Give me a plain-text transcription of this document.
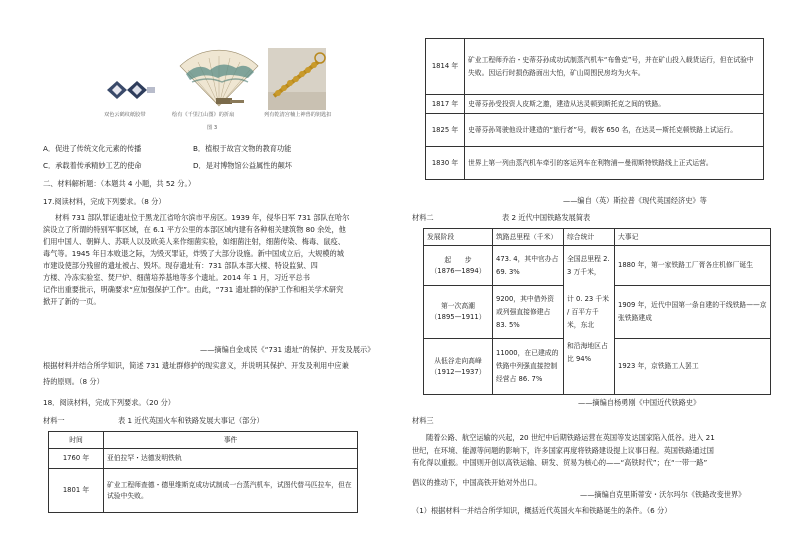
双色云鹤纹纸胶带	绘有《千里江山图》的折扇	列有乾清宫楠上神兽的钥匙扣
图 3
A．促进了传统文化元素的传播	B．植根于故宫文物的教育功能
C．承载着传承精妙工艺的使命	D．是对博物馆公益属性的颠坏
二、材料解析题：（本题共 4 小题，共 52 分。）
17.阅读材料，完成下列要求。（8 分）
材料 731 部队罪证遗址位于黑龙江省哈尔滨市平房区。1939 年，侵华日军 731 部队在哈尔
滨设立了所谓的特别军事区域，在 6.1 平方公里的本部区域内建有各种相关建筑物 80 余处，他
们用中国人、朝鲜人、苏联人以及欧美人来作细菌实验，如细菌注射，细菌传染、梅毒、鼠疫、
毒气等。1945 年日本败退之际，为毁灭罪证，炸毁了大部分设施。新中国成立后，大规模的城
市建设使部分残留的遗址被占、毁坏。现存遗址有：731 部队本部大楼、特设监狱、四
方楼、冷冻实验室、焚尸炉、细菌培养基地等多个遗址。2014 年 1 月，习近平总书
记作出重要批示，明确要求“应加强保护工作”。由此，“731 遗址群的保护工作和相关学术研究
掀开了新的一页。
——摘编自金成民《“731 遗址”的保护、开发及展示》
根据材料并结合所学知识，简述 731 遗址群修护的现实意义，并说明其保护、开发及利用中应兼
持的原则。（8 分）
18．阅读材料，完成下列要求。（20 分）
材料一	表 1 近代英国火车和铁路发展大事记（部分）
时间	事件
1760 年	亚伯拉罕・达德发明铁轨
1801 年	矿业工程师查德・德里维斯克成功试制成一台蒸汽机车，试图代替马匹拉车，但在试验中失败。
1814 年	矿业工程师乔治・史蒂芬孙成功试制蒸汽机车“布鲁克”号，并在矿山投入载货运行，但在试验中失败。因运行时损伤路面出大怕，矿山周围民房均为火车。
1817 年	史蒂芬孙受投资人皮斯之邀，建造从达灵顿到斯托克之间的铁路。
1825 年	史蒂芬孙驾驶他设计建造的“旅行者”号，载客 650 名，在达灵—斯托克顿铁路上试运行。
1830 年	世界上第一列由蒸汽机车牵引的客运列车在利物浦—曼彻斯特铁路线上正式运营。
——编自（英）斯拉普《现代英国经济史》等
材料二	表 2 近代中国铁路发展简表
发展阶段	筑路总里程（千米）	综合统计	大事记

起　　步
（1876—1894）	473. 4，其中官办占 69. 3%	全国总里程 2. 3 万千米，	1880 年，第一家铁路工厂胥各庄机修厂诞生

第一次高潮
（1895—1911）	9200，其中借外资或列强直接修建占 83. 5%	计 0. 23 千米 / 百平方千米，东北	1909 年，近代中国第一条自建的干线铁路——京张铁路建成

从低谷走向高峰
（1912—1937）	11000，在已建成的铁路中列强直接控制经营占 86. 7%	和沿海地区占比 94%	1923 年，京铁路工人罢工
——摘编自杨勇刚《中国近代铁路史》
材料三
随着公路、航空运输的兴起，20 世纪中后期铁路运营在英国等发达国家陷入低谷。进入 21
世纪，在环境、能源等问题的影响下，许多国家再度将铁路建设提上议事日程。英国铁路通过国
有化得以重振。中国则开创以高铁运输、研发、贸易为核心的——“高铁时代”；在“一带一路”
倡议的推动下，中国高铁开始对外出口。
——摘编自克里斯蒂安・沃尔玛尔《铁路改变世界》
（1）根据材料一并结合所学知识，概括近代英国火车和铁路诞生的条件。（6 分）
